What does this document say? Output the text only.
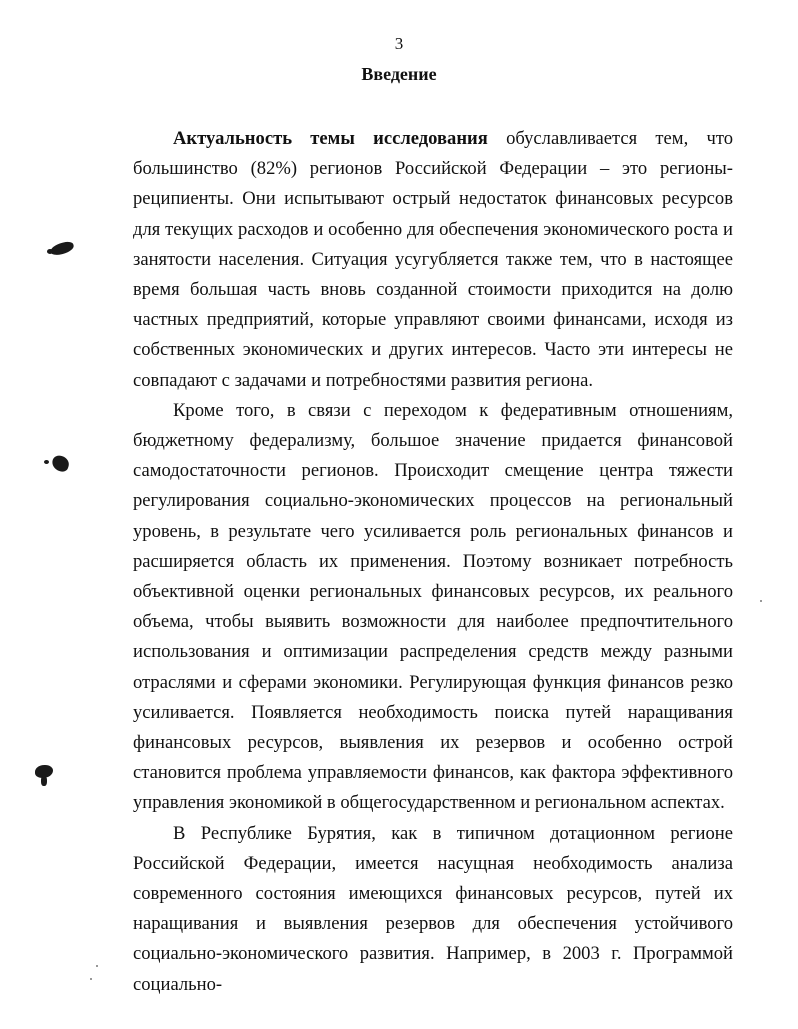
3
Введение

Актуальность темы исследования обуславливается тем, что большинство (82%) регионов Российской Федерации – это регионы-реципиенты. Они испытывают острый недостаток финансовых ресурсов для текущих расходов и особенно для обеспечения экономического роста и занятости населения. Ситуация усугубляется также тем, что в настоящее время большая часть вновь созданной стоимости приходится на долю частных предприятий, которые управляют своими финансами, исходя из собственных экономических и других интересов. Часто эти интересы не совпадают с задачами и потребностями развития региона.

Кроме того, в связи с переходом к федеративным отношениям, бюджетному федерализму, большое значение придается финансовой самодостаточности регионов. Происходит смещение центра тяжести регулирования социально-экономических процессов на региональный уровень, в результате чего усиливается роль региональных финансов и расширяется область их применения. Поэтому возникает потребность объективной оценки региональных финансовых ресурсов, их реального объема, чтобы выявить возможности для наиболее предпочтительного использования и оптимизации распределения средств между разными отраслями и сферами экономики. Регулирующая функция финансов резко усиливается. Появляется необходимость поиска путей наращивания финансовых ресурсов, выявления их резервов и особенно острой становится проблема управляемости финансов, как фактора эффективного управления экономикой в общегосударственном и региональном аспектах.

В Республике Бурятия, как в типичном дотационном регионе Российской Федерации, имеется насущная необходимость анализа современного состояния имеющихся финансовых ресурсов, путей их наращивания и выявления резервов для обеспечения устойчивого социально-экономического развития. Например, в 2003 г. Программой социально-
